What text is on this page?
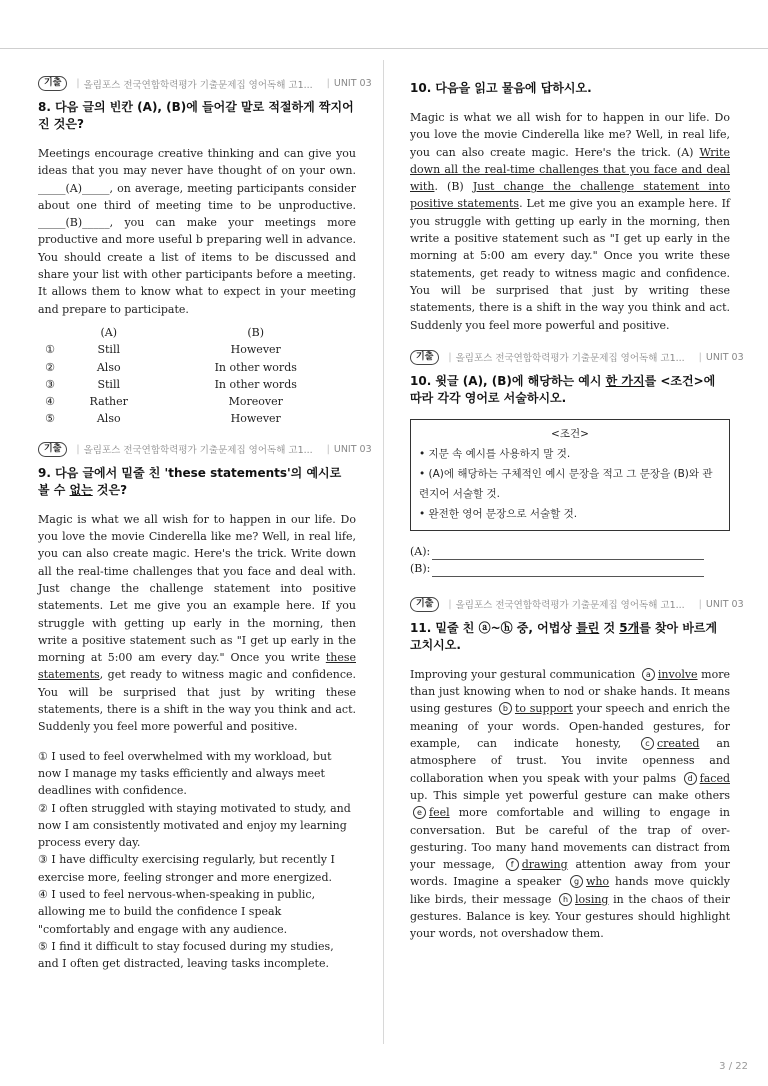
기출	| 올림포스 전국연합학력평가 기출문제집 영어독해 고1... | UNIT 03
8. 다음 글의 빈칸 (A), (B)에 들어갈 말로 적절하게 짝지어진 것은?
Meetings encourage creative thinking and can give you ideas that you may never have thought of on your own. _____(A)_____, on average, meeting participants consider about one third of meeting time to be unproductive. _____(B)_____, you can make your meetings more productive and more useful b preparing well in advance. You should create a list of items to be discussed and share your list with other participants before a meeting. It allows them to know what to expect in your meeting and prepare to participate.
	(A)	(B)
①	Still	However
②	Also	In other words
③	Still	In other words
④	Rather	Moreover
⑤	Also	However
기출	| 올림포스 전국연합학력평가 기출문제집 영어독해 고1... | UNIT 03
9. 다음 글에서 밑줄 친 'these statements'의 예시로 볼 수 없는 것은?
Magic is what we all wish for to happen in our life. Do you love the movie Cinderella like me? Well, in real life, you can also create magic. Here's the trick. Write down all the real-time challenges that you face and deal with. Just change the challenge statement into positive statements. Let me give you an example here. If you struggle with getting up early in the morning, then write a positive statement such as "I get up early in the morning at 5:00 am every day." Once you write these statements, get ready to witness magic and confidence. You will be surprised that just by writing these statements, there is a shift in the way you think and act. Suddenly you feel more powerful and positive.

① I used to feel overwhelmed with my workload, but now I manage my tasks efficiently and always meet deadlines with confidence.

② I often struggled with staying motivated to study, and now I am consistently motivated and enjoy my learning process every day.

③ I have difficulty exercising regularly, but recently I exercise more, feeling stronger and more energized.

④ I used to feel nervous-when-speaking in public, allowing me to build the confidence I speak "comfortably and engage with any audience.

⑤ I find it difficult to stay focused during my studies, and I often get distracted, leaving tasks incomplete.

10. 다음을 읽고 물음에 답하시오.
Magic is what we all wish for to happen in our life. Do you love the movie Cinderella like me? Well, in real life, you can also create magic. Here's the trick. (A) Write down all the real-time challenges that you face and deal with. (B) Just change the challenge statement into positive statements. Let me give you an example here. If you struggle with getting up early in the morning, then write a positive statement such as "I get up early in the morning at 5:00 am every day." Once you write these statements, get ready to witness magic and confidence. You will be surprised that just by writing these statements, there is a shift in the way you think and act. Suddenly you feel more powerful and positive.
기출	| 올림포스 전국연합학력평가 기출문제집 영어독해 고1... | UNIT 03
10. 윗글 (A), (B)에 해당하는 예시 한 가지를 <조건>에 따라 각각 영어로 서술하시오.
<조건>
• 지문 속 예시를 사용하지 말 것.
• (A)에 해당하는 구체적인 예시 문장을 적고 그 문장을 (B)와 관련지어 서술할 것.
• 완전한 영어 문장으로 서술할 것.
(A):
(B):
기출	| 올림포스 전국연합학력평가 기출문제집 영어독해 고1... | UNIT 03
11. 밑줄 친 ⓐ~ⓗ 중, 어법상 틀린 것 5개를 찾아 바르게 고치시오.
Improving your gestural communication a involve more than just knowing when to nod or shake hands. It means using gestures b to support your speech and enrich the meaning of your words. Open-handed gestures, for example, can indicate honesty, c created an atmosphere of trust. You invite openness and collaboration when you speak with your palms d faced up. This simple yet powerful gesture can make others e feel more comfortable and willing to engage in conversation. But be careful of the trap of over-gesturing. Too many hand movements can distract from your message, f drawing attention away from your words. Imagine a speaker g who hands move quickly like birds, their message h losing in the chaos of their gestures. Balance is key. Your gestures should highlight your words, not overshadow them.
3 / 22
